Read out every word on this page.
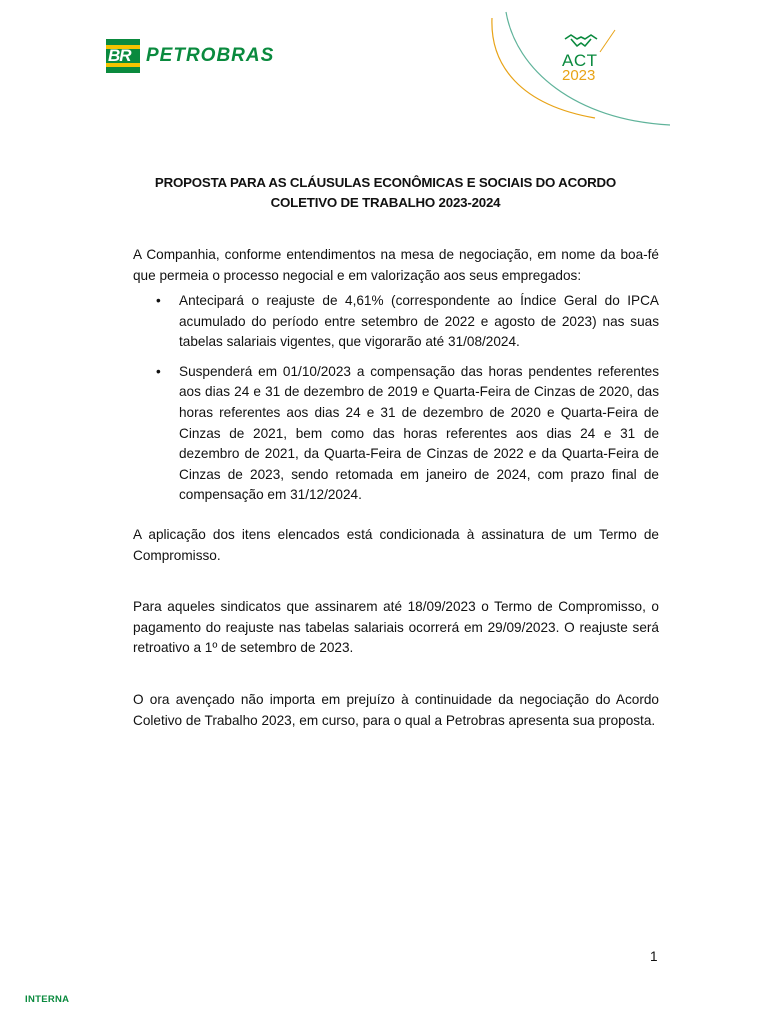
BR PETROBRAS	ACT
2023
PROPOSTA PARA AS CLÁUSULAS ECONÔMICAS E SOCIAIS DO ACORDO
COLETIVO DE TRABALHO 2023-2024
A Companhia, conforme entendimentos na mesa de negociação, em nome da boa-fé que permeia o processo negocial e em valorização aos seus empregados:
• Antecipará o reajuste de 4,61% (correspondente ao Índice Geral do IPCA acumulado do período entre setembro de 2022 e agosto de 2023) nas suas tabelas salariais vigentes, que vigorarão até 31/08/2024.
• Suspenderá em 01/10/2023 a compensação das horas pendentes referentes aos dias 24 e 31 de dezembro de 2019 e Quarta-Feira de Cinzas de 2020, das horas referentes aos dias 24 e 31 de dezembro de 2020 e Quarta-Feira de Cinzas de 2021, bem como das horas referentes aos dias 24 e 31 de dezembro de 2021, da Quarta-Feira de Cinzas de 2022 e da Quarta-Feira de Cinzas de 2023, sendo retomada em janeiro de 2024, com prazo final de compensação em 31/12/2024.
A aplicação dos itens elencados está condicionada à assinatura de um Termo de Compromisso.
Para aqueles sindicatos que assinarem até 18/09/2023 o Termo de Compromisso, o pagamento do reajuste nas tabelas salariais ocorrerá em 29/09/2023. O reajuste será retroativo a 1º de setembro de 2023.
O ora avençado não importa em prejuízo à continuidade da negociação do Acordo Coletivo de Trabalho 2023, em curso, para o qual a Petrobras apresenta sua proposta.
1
INTERNA
